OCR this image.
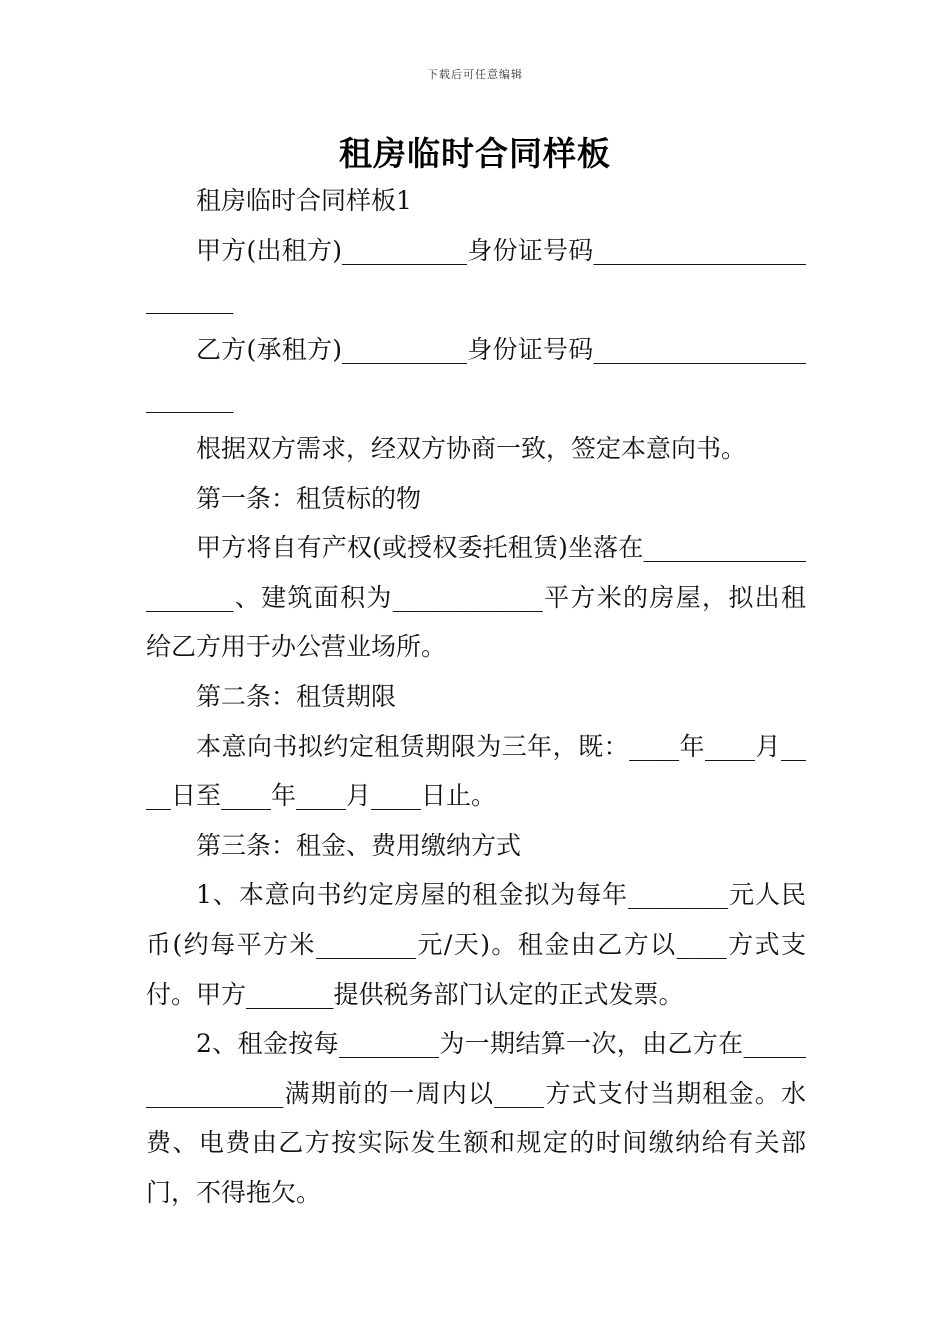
下载后可任意编辑
租房临时合同样板

租房临时合同样板1

甲方(出租方)__________身份证号码________________________

乙方(承租方)__________身份证号码________________________

根据双方需求，经双方协商一致，签定本意向书。

第一条：租赁标的物

甲方将自有产权(或授权委托租赁)坐落在____________________、建筑面积为____________平方米的房屋，拟出租给乙方用于办公营业场所。

第二条：租赁期限

本意向书拟约定租赁期限为三年，既：____年____月____日至____年____月____日止。

第三条：租金、费用缴纳方式

1、本意向书约定房屋的租金拟为每年________元人民币(约每平方米________元/天)。租金由乙方以____方式支付。甲方_______提供税务部门认定的正式发票。

2、租金按每________为一期结算一次，由乙方在________________满期前的一周内以____方式支付当期租金。水费、电费由乙方按实际发生额和规定的时间缴纳给有关部门，不得拖欠。
